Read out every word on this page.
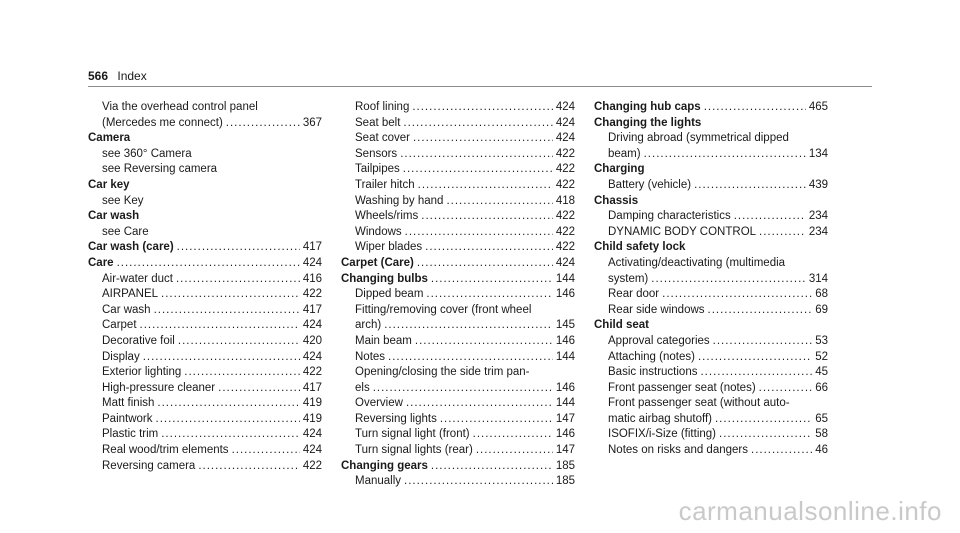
566 Index
Via the overhead control panel
(Mercedes me connect) .....	367
Camera
see 360° Camera
see Reversing camera
Car key
see Key
Car wash
see Care
Car wash (care) .....	417
Care .....	424
Air-water duct .....	416
AIRPANEL .....	422
Car wash .....	417
Carpet .....	424
Decorative foil .....	420
Display .....	424
Exterior lighting .....	422
High-pressure cleaner .....	417
Matt finish .....	419
Paintwork .....	419
Plastic trim .....	424
Real wood/trim elements .....	424
Reversing camera .....	422
Roof lining .....	424
Seat belt .....	424
Seat cover .....	424
Sensors .....	422
Tailpipes .....	422
Trailer hitch .....	422
Washing by hand .....	418
Wheels/rims .....	422
Windows .....	422
Wiper blades .....	422
Carpet (Care) .....	424
Changing bulbs .....	144
Dipped beam .....	146
Fitting/removing cover (front wheel
arch) .....	145
Main beam .....	146
Notes .....	144
Opening/closing the side trim pan-
els .....	146
Overview .....	144
Reversing lights .....	147
Turn signal light (front) .....	146
Turn signal lights (rear) .....	147
Changing gears .....	185
Manually .....	185
Changing hub caps .....	465
Changing the lights
Driving abroad (symmetrical dipped
beam) .....	134
Charging
Battery (vehicle) .....	439
Chassis
Damping characteristics .....	234
DYNAMIC BODY CONTROL .....	234
Child safety lock
Activating/deactivating (multimedia
system) .....	314
Rear door .....	68
Rear side windows .....	69
Child seat
Approval categories .....	53
Attaching (notes) .....	52
Basic instructions .....	45
Front passenger seat (notes) .....	66
Front passenger seat (without auto-
matic airbag shutoff) .....	65
ISOFIX/i-Size (fitting) .....	58
Notes on risks and dangers .....	46
carmanualsonline.info
